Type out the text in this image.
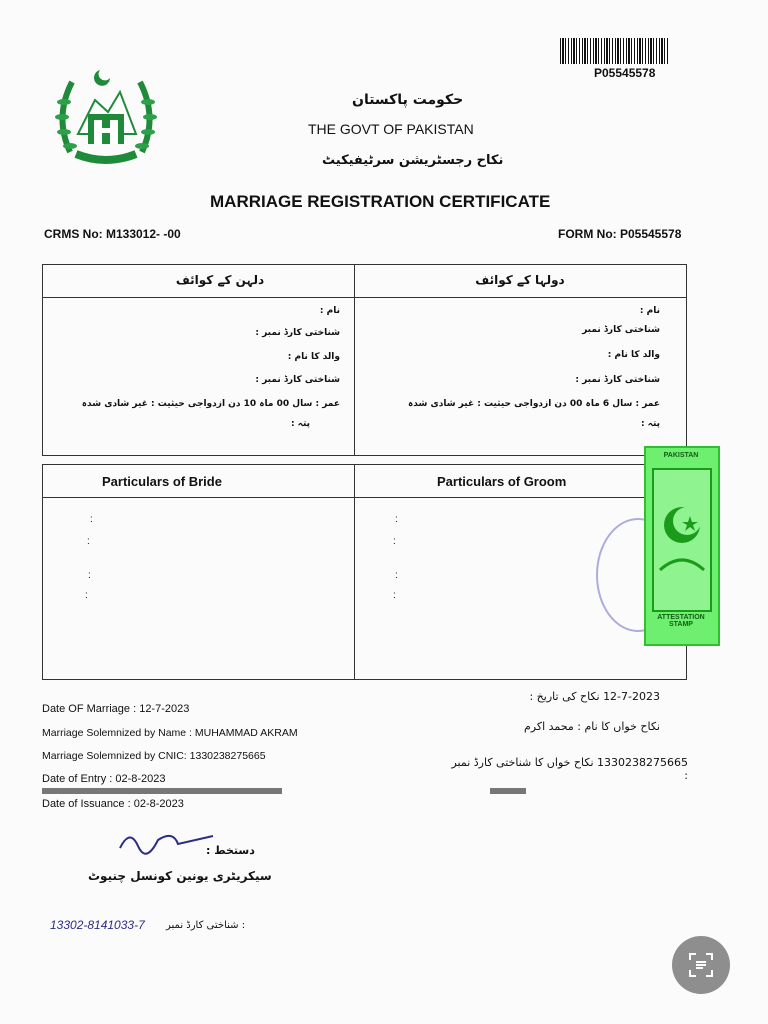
P05545578
حکومت پاکستان
THE GOVT OF PAKISTAN
نکاح رجسٹریشن سرٹیفیکیٹ
MARRIAGE REGISTRATION CERTIFICATE
CRMS No: M133012- -00	FORM No: P05545578
دولہا کے کوائف
دلہن کے کوائف
نام :
شناختی کارڈ نمبر
والد کا نام :
شناختی کارڈ نمبر :
عمر : سال 6 ماہ 00 دن ازدواجی حیثیت : غیر شادی شدہ
پتہ :
نام :
شناختی کارڈ نمبر :
والد کا نام :
شناختی کارڈ نمبر :
عمر : سال 00 ماہ 10 دن ازدواجی حیثیت : غیر شادی شدہ
پتہ :
Particulars of Bride	Particulars of Groom
:
:
:
:
:
:
:
:
PAKISTAN
ATTESTATION STAMP
Date OF Marriage : 12-7-2023
Marriage Solemnized by Name : MUHAMMAD AKRAM
Marriage Solemnized by CNIC: 1330238275665
Date of Entry : 02-8-2023
Date of Issuance : 02-8-2023
12-7-2023 نکاح کی تاریخ :
نکاح خواں کا نام : محمد اکرم
1330238275665 نکاح خواں کا شناختی کارڈ نمبر :
دستخط :
سیکریٹری یونین کونسل چنیوٹ
13302-8141033-7 : شناختی کارڈ نمبر
